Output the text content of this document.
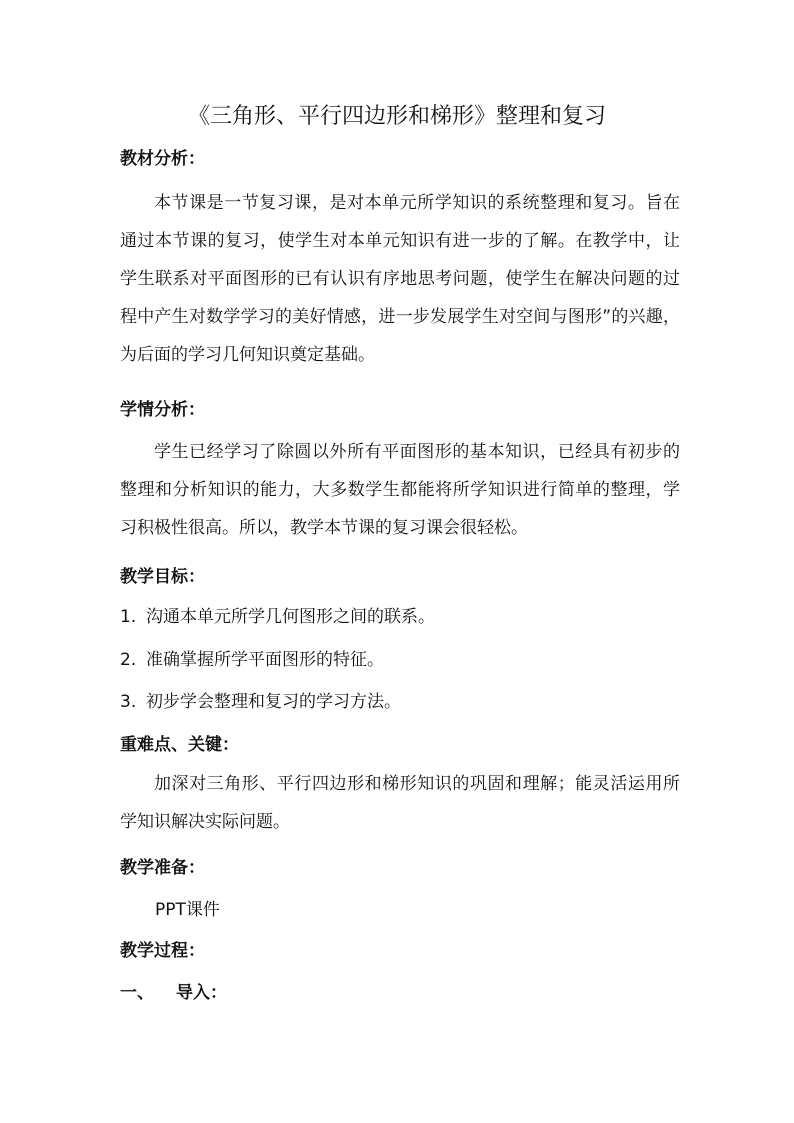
《三角形、平行四边形和梯形》整理和复习

教材分析：

本节课是一节复习课，是对本单元所学知识的系统整理和复习。旨在通过本节课的复习，使学生对本单元知识有进一步的了解。在教学中，让学生联系对平面图形的已有认识有序地思考问题，使学生在解决问题的过程中产生对数学学习的美好情感，进一步发展学生对空间与图形”的兴趣，为后面的学习几何知识奠定基础。

学情分析：

学生已经学习了除圆以外所有平面图形的基本知识，已经具有初步的整理和分析知识的能力，大多数学生都能将所学知识进行简单的整理，学习积极性很高。所以，教学本节课的复习课会很轻松。

教学目标：

1. 沟通本单元所学几何图形之间的联系。

2. 准确掌握所学平面图形的特征。

3. 初步学会整理和复习的学习方法。

重难点、关键：

加深对三角形、平行四边形和梯形知识的巩固和理解；能灵活运用所学知识解决实际问题。

教学准备：

PPT课件

教学过程：

一、 导入：
